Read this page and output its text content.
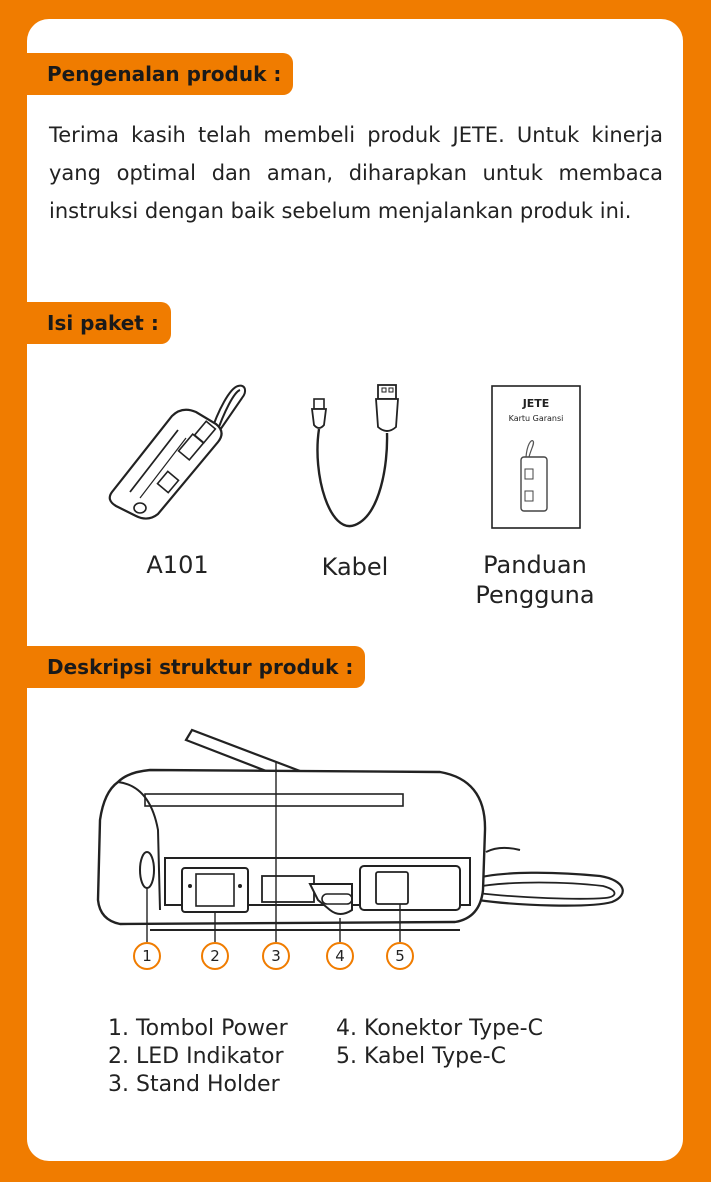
Pengenalan produk :
Terima kasih telah membeli produk JETE. Untuk kinerja yang optimal dan aman, diharapkan untuk membaca instruksi dengan baik sebelum menjalankan produk ini.
Isi paket :
JETE
Kartu Garansi
A101	Kabel	Panduan Pengguna
Deskripsi struktur produk :
1	2	3	4	5
1. Tombol Power
2. LED Indikator
3. Stand Holder
4. Konektor Type-C
5. Kabel Type-C
